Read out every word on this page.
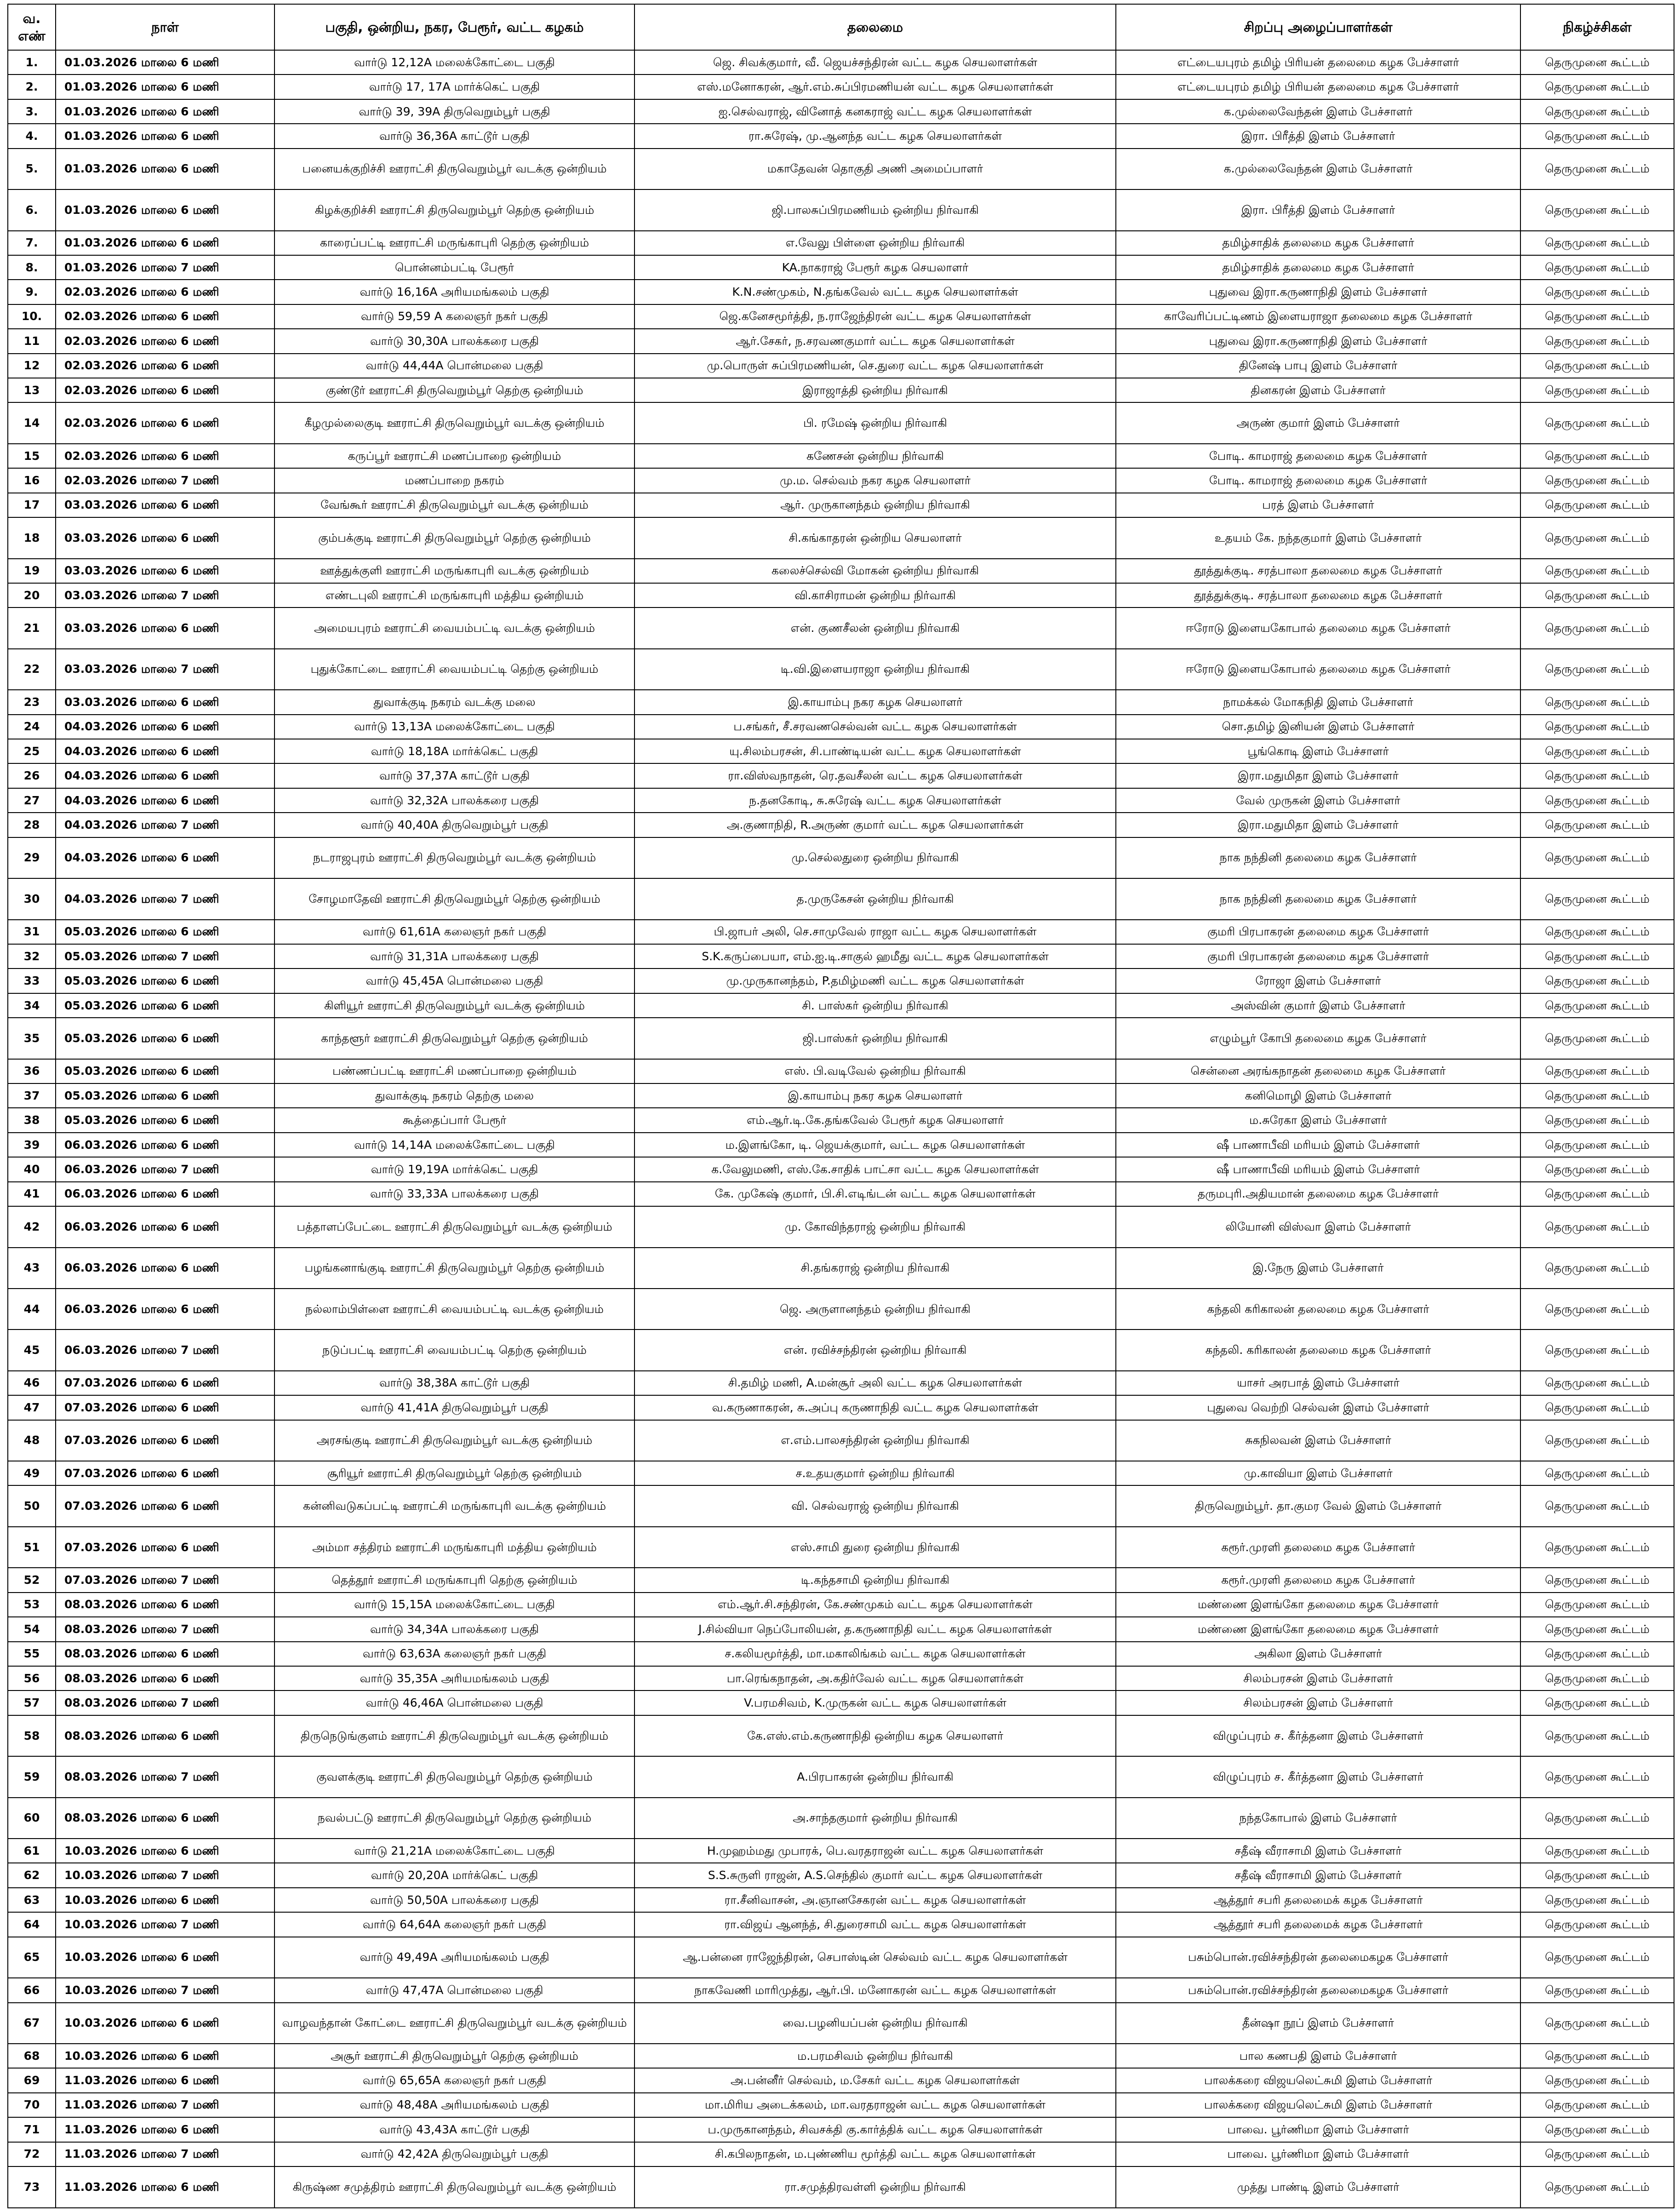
வ. எண்	நாள்	பகுதி, ஒன்றிய, நகர, பேரூர், வட்ட கழகம்	தலைமை	சிறப்பு அழைப்பாளர்கள்	நிகழ்ச்சிகள்
1.	01.03.2026 மாலை 6 மணி	வார்டு 12,12A மலைக்கோட்டை பகுதி	ஜெ. சிவக்குமார், வீ. ஜெயச்சந்திரன் வட்ட கழக செயலாளர்கள்	எட்டையபுரம் தமிழ் பிரியன் தலைமை கழக பேச்சாளர்	தெருமுனை கூட்டம்
2.	01.03.2026 மாலை 6 மணி	வார்டு 17, 17A மார்க்கெட் பகுதி	எஸ்.மனோகரன், ஆர்.எம்.சுப்பிரமணியன் வட்ட கழக செயலாளர்கள்	எட்டையபுரம் தமிழ் பிரியன் தலைமை கழக பேச்சாளர்	தெருமுனை கூட்டம்
3.	01.03.2026 மாலை 6 மணி	வார்டு 39, 39A திருவெறும்பூர் பகுதி	ஐ.செல்வராஜ், வினோத் கனகராஜ் வட்ட கழக செயலாளர்கள்	க.முல்லைவேந்தன் இளம் பேச்சாளர்	தெருமுனை கூட்டம்
4.	01.03.2026 மாலை 6 மணி	வார்டு 36,36A காட்டூர் பகுதி	ரா.சுரேஷ், மு.ஆனந்த வட்ட கழக செயலாளர்கள்	இரா. பிரீத்தி இளம் பேச்சாளர்	தெருமுனை கூட்டம்
5.	01.03.2026 மாலை 6 மணி	பனையக்குறிச்சி ஊராட்சி திருவெறும்பூர் வடக்கு ஒன்றியம்	மகாதேவன் தொகுதி அணி அமைப்பாளர்	க.முல்லைவேந்தன் இளம் பேச்சாளர்	தெருமுனை கூட்டம்
6.	01.03.2026 மாலை 6 மணி	கிழக்குறிச்சி ஊராட்சி திருவெறும்பூர் தெற்கு ஒன்றியம்	ஜி.பாலசுப்பிரமணியம் ஒன்றிய நிர்வாகி	இரா. பிரீத்தி இளம் பேச்சாளர்	தெருமுனை கூட்டம்
7.	01.03.2026 மாலை 6 மணி	காரைப்பட்டி ஊராட்சி மருங்காபுரி தெற்கு ஒன்றியம்	எ.வேலு பிள்ளை ஒன்றிய நிர்வாகி	தமிழ்சாதிக் தலைமை கழக பேச்சாளர்	தெருமுனை கூட்டம்
8.	01.03.2026 மாலை 7 மணி	பொன்னம்பட்டி பேரூர்	KA.நாகராஜ் பேரூர் கழக செயலாளர்	தமிழ்சாதிக் தலைமை கழக பேச்சாளர்	தெருமுனை கூட்டம்
9.	02.03.2026 மாலை 6 மணி	வார்டு 16,16A அரியமங்கலம் பகுதி	K.N.சண்முகம், N.தங்கவேல் வட்ட கழக செயலாளர்கள்	புதுவை இரா.கருணாநிதி இளம் பேச்சாளர்	தெருமுனை கூட்டம்
10.	02.03.2026 மாலை 6 மணி	வார்டு 59,59 A கலைஞர் நகர் பகுதி	ஜெ.கனேசமூர்த்தி, ந.ராஜேந்திரன் வட்ட கழக செயலாளர்கள்	காவேரிப்பட்டிணம் இளையராஜா தலைமை கழக பேச்சாளர்	தெருமுனை கூட்டம்
11	02.03.2026 மாலை 6 மணி	வார்டு 30,30A பாலக்கரை பகுதி	ஆர்.சேகர், ந.சரவணகுமார் வட்ட கழக செயலாளர்கள்	புதுவை இரா.கருணாநிதி இளம் பேச்சாளர்	தெருமுனை கூட்டம்
12	02.03.2026 மாலை 6 மணி	வார்டு 44,44A பொன்மலை பகுதி	மு.பொருள் சுப்பிரமணியன், செ.துரை வட்ட கழக செயலாளர்கள்	தினேஷ் பாபு இளம் பேச்சாளர்	தெருமுனை கூட்டம்
13	02.03.2026 மாலை 6 மணி	குண்டூர் ஊராட்சி திருவெறும்பூர் தெற்கு ஒன்றியம்	இராஜாத்தி ஒன்றிய நிர்வாகி	தினகரன் இளம் பேச்சாளர்	தெருமுனை கூட்டம்
14	02.03.2026 மாலை 6 மணி	கீழமுல்லைகுடி ஊராட்சி திருவெறும்பூர் வடக்கு ஒன்றியம்	பி. ரமேஷ் ஒன்றிய நிர்வாகி	அருண் குமார் இளம் பேச்சாளர்	தெருமுனை கூட்டம்
15	02.03.2026 மாலை 6 மணி	கருப்பூர் ஊராட்சி மணப்பாறை ஒன்றியம்	கணேசன் ஒன்றிய நிர்வாகி	போடி. காமராஜ் தலைமை கழக பேச்சாளர்	தெருமுனை கூட்டம்
16	02.03.2026 மாலை 7 மணி	மணப்பாறை நகரம்	மு.ம. செல்வம் நகர கழக செயலாளர்	போடி. காமராஜ் தலைமை கழக பேச்சாளர்	தெருமுனை கூட்டம்
17	03.03.2026 மாலை 6 மணி	வேங்கூர் ஊராட்சி திருவெறும்பூர் வடக்கு ஒன்றியம்	ஆர். முருகானந்தம் ஒன்றிய நிர்வாகி	பரத் இளம் பேச்சாளர்	தெருமுனை கூட்டம்
18	03.03.2026 மாலை 6 மணி	கும்பக்குடி ஊராட்சி திருவெறும்பூர் தெற்கு ஒன்றியம்	சி.கங்காதரன் ஒன்றிய செயலாளர்	உதயம் கே. நந்தகுமார் இளம் பேச்சாளர்	தெருமுனை கூட்டம்
19	03.03.2026 மாலை 6 மணி	ஊத்துக்குளி ஊராட்சி மருங்காபுரி வடக்கு ஒன்றியம்	கலைச்செல்வி மோகன் ஒன்றிய நிர்வாகி	தூத்துக்குடி. சரத்பாலா தலைமை கழக பேச்சாளர்	தெருமுனை கூட்டம்
20	03.03.2026 மாலை 7 மணி	எண்டபுலி ஊராட்சி மருங்காபுரி மத்திய ஒன்றியம்	வி.காசிராமன் ஒன்றிய நிர்வாகி	தூத்துக்குடி. சரத்பாலா தலைமை கழக பேச்சாளர்	தெருமுனை கூட்டம்
21	03.03.2026 மாலை 6 மணி	அமையபுரம் ஊராட்சி வையம்பட்டி வடக்கு ஒன்றியம்	என். குணசீலன் ஒன்றிய நிர்வாகி	ஈரோடு இளையகோபால் தலைமை கழக பேச்சாளர்	தெருமுனை கூட்டம்
22	03.03.2026 மாலை 7 மணி	புதுக்கோட்டை ஊராட்சி வையம்பட்டி தெற்கு ஒன்றியம்	டி.வி.இளையராஜா ஒன்றிய நிர்வாகி	ஈரோடு இளையகோபால் தலைமை கழக பேச்சாளர்	தெருமுனை கூட்டம்
23	03.03.2026 மாலை 6 மணி	துவாக்குடி நகரம் வடக்கு மலை	இ.காயாம்பு நகர கழக செயலாளர்	நாமக்கல் மோகநிதி இளம் பேச்சாளர்	தெருமுனை கூட்டம்
24	04.03.2026 மாலை 6 மணி	வார்டு 13,13A மலைக்கோட்டை பகுதி	ப.சங்கர், சீ.சரவணசெல்வன் வட்ட கழக செயலாளர்கள்	சொ.தமிழ் இனியன் இளம் பேச்சாளர்	தெருமுனை கூட்டம்
25	04.03.2026 மாலை 6 மணி	வார்டு 18,18A மார்க்கெட் பகுதி	யு.சிலம்பரசன், சி.பாண்டியன் வட்ட கழக செயலாளர்கள்	பூங்கொடி இளம் பேச்சாளர்	தெருமுனை கூட்டம்
26	04.03.2026 மாலை 6 மணி	வார்டு 37,37A காட்டூர் பகுதி	ரா.விஸ்வநாதன், ரெ.தவசீலன் வட்ட கழக செயலாளர்கள்	இரா.மதுமிதா இளம் பேச்சாளர்	தெருமுனை கூட்டம்
27	04.03.2026 மாலை 6 மணி	வார்டு 32,32A பாலக்கரை பகுதி	ந.தனகோடி, சு.சுரேஷ் வட்ட கழக செயலாளர்கள்	வேல் முருகன் இளம் பேச்சாளர்	தெருமுனை கூட்டம்
28	04.03.2026 மாலை 7 மணி	வார்டு 40,40A திருவெறும்பூர் பகுதி	அ.குணாநிதி, R.அருண் குமார் வட்ட கழக செயலாளர்கள்	இரா.மதுமிதா இளம் பேச்சாளர்	தெருமுனை கூட்டம்
29	04.03.2026 மாலை 6 மணி	நடராஜபுரம் ஊராட்சி திருவெறும்பூர் வடக்கு ஒன்றியம்	மு.செல்லதுரை ஒன்றிய நிர்வாகி	நாக நந்தினி தலைமை கழக பேச்சாளர்	தெருமுனை கூட்டம்
30	04.03.2026 மாலை 7 மணி	சோழமாதேவி ஊராட்சி திருவெறும்பூர் தெற்கு ஒன்றியம்	த.முருகேசன் ஒன்றிய நிர்வாகி	நாக நந்தினி தலைமை கழக பேச்சாளர்	தெருமுனை கூட்டம்
31	05.03.2026 மாலை 6 மணி	வார்டு 61,61A கலைஞர் நகர் பகுதி	பி.ஜாபர் அலி, செ.சாமுவேல் ராஜா வட்ட கழக செயலாளர்கள்	குமரி பிரபாகரன் தலைமை கழக பேச்சாளர்	தெருமுனை கூட்டம்
32	05.03.2026 மாலை 7 மணி	வார்டு 31,31A பாலக்கரை பகுதி	S.K.கருப்பையா, எம்.ஐ.டி.சாகுல் ஹமீது வட்ட கழக செயலாளர்கள்	குமரி பிரபாகரன் தலைமை கழக பேச்சாளர்	தெருமுனை கூட்டம்
33	05.03.2026 மாலை 6 மணி	வார்டு 45,45A பொன்மலை பகுதி	மு.முருகானந்தம், P.தமிழ்மணி வட்ட கழக செயலாளர்கள்	ரோஜா இளம் பேச்சாளர்	தெருமுனை கூட்டம்
34	05.03.2026 மாலை 6 மணி	கிளியூர் ஊராட்சி திருவெறும்பூர் வடக்கு ஒன்றியம்	சி. பாஸ்கர் ஒன்றிய நிர்வாகி	அஸ்வின் குமார் இளம் பேச்சாளர்	தெருமுனை கூட்டம்
35	05.03.2026 மாலை 6 மணி	காந்தளூர் ஊராட்சி திருவெறும்பூர் தெற்கு ஒன்றியம்	ஜி.பாஸ்கர் ஒன்றிய நிர்வாகி	எழும்பூர் கோபி தலைமை கழக பேச்சாளர்	தெருமுனை கூட்டம்
36	05.03.2026 மாலை 6 மணி	பண்ணப்பட்டி ஊராட்சி மணப்பாறை ஒன்றியம்	எஸ். பி.வடிவேல் ஒன்றிய நிர்வாகி	சென்னை அரங்கநாதன் தலைமை கழக பேச்சாளர்	தெருமுனை கூட்டம்
37	05.03.2026 மாலை 6 மணி	துவாக்குடி நகரம் தெற்கு மலை	இ.காயாம்பு நகர கழக செயலாளர்	கனிமொழி இளம் பேச்சாளர்	தெருமுனை கூட்டம்
38	05.03.2026 மாலை 6 மணி	கூத்தைப்பார் பேரூர்	எம்.ஆர்.டி.கே.தங்கவேல் பேரூர் கழக செயலாளர்	ம.சுரேகா இளம் பேச்சாளர்	தெருமுனை கூட்டம்
39	06.03.2026 மாலை 6 மணி	வார்டு 14,14A மலைக்கோட்டை பகுதி	ம.இளங்கோ, டி. ஜெயக்குமார், வட்ட கழக செயலாளர்கள்	ஷீ பாணாபீவி மரியம் இளம் பேச்சாளர்	தெருமுனை கூட்டம்
40	06.03.2026 மாலை 7 மணி	வார்டு 19,19A மார்க்கெட் பகுதி	க.வேலுமணி, எஸ்.கே.சாதிக் பாட்சா வட்ட கழக செயலாளர்கள்	ஷீ பாணாபீவி மரியம் இளம் பேச்சாளர்	தெருமுனை கூட்டம்
41	06.03.2026 மாலை 6 மணி	வார்டு 33,33A பாலக்கரை பகுதி	கே. முகேஷ் குமார், பி.சி.எடிங்டன் வட்ட கழக செயலாளர்கள்	தருமபுரி.அதியமான் தலைமை கழக பேச்சாளர்	தெருமுனை கூட்டம்
42	06.03.2026 மாலை 6 மணி	பத்தாளப்பேட்டை ஊராட்சி திருவெறும்பூர் வடக்கு ஒன்றியம்	மு. கோவிந்தராஜ் ஒன்றிய நிர்வாகி	லியோனி விஸ்வா இளம் பேச்சாளர்	தெருமுனை கூட்டம்
43	06.03.2026 மாலை 6 மணி	பழங்கனாங்குடி ஊராட்சி திருவெறும்பூர் தெற்கு ஒன்றியம்	சி.தங்கராஜ் ஒன்றிய நிர்வாகி	இ.நேரு இளம் பேச்சாளர்	தெருமுனை கூட்டம்
44	06.03.2026 மாலை 6 மணி	நல்லாம்பிள்ளை ஊராட்சி வையம்பட்டி வடக்கு ஒன்றியம்	ஜெ. அருளானந்தம் ஒன்றிய நிர்வாகி	கந்தலி கரிகாலன் தலைமை கழக பேச்சாளர்	தெருமுனை கூட்டம்
45	06.03.2026 மாலை 7 மணி	நடுப்பட்டி ஊராட்சி வையம்பட்டி தெற்கு ஒன்றியம்	என். ரவிச்சந்திரன் ஒன்றிய நிர்வாகி	கந்தலி. கரிகாலன் தலைமை கழக பேச்சாளர்	தெருமுனை கூட்டம்
46	07.03.2026 மாலை 6 மணி	வார்டு 38,38A காட்டூர் பகுதி	சி.தமிழ் மணி, A.மன்சூர் அலி வட்ட கழக செயலாளர்கள்	யாசர் அரபாத் இளம் பேச்சாளர்	தெருமுனை கூட்டம்
47	07.03.2026 மாலை 6 மணி	வார்டு 41,41A திருவெறும்பூர் பகுதி	வ.கருணாகரன், சு.அப்பு கருணாநிதி வட்ட கழக செயலாளர்கள்	புதுவை வெற்றி செல்வன் இளம் பேச்சாளர்	தெருமுனை கூட்டம்
48	07.03.2026 மாலை 6 மணி	அரசங்குடி ஊராட்சி திருவெறும்பூர் வடக்கு ஒன்றியம்	எ.எம்.பாலசந்திரன் ஒன்றிய நிர்வாகி	சுகநிலவன் இளம் பேச்சாளர்	தெருமுனை கூட்டம்
49	07.03.2026 மாலை 6 மணி	சூரியூர் ஊராட்சி திருவெறும்பூர் தெற்கு ஒன்றியம்	ச.உதயகுமார் ஒன்றிய நிர்வாகி	மு.காவியா இளம் பேச்சாளர்	தெருமுனை கூட்டம்
50	07.03.2026 மாலை 6 மணி	கன்னிவடுகப்பட்டி ஊராட்சி மருங்காபுரி வடக்கு ஒன்றியம்	வி. செல்வராஜ் ஒன்றிய நிர்வாகி	திருவெறும்பூர். தா.குமர வேல் இளம் பேச்சாளர்	தெருமுனை கூட்டம்
51	07.03.2026 மாலை 6 மணி	அம்மா சத்திரம் ஊராட்சி மருங்காபுரி மத்திய ஒன்றியம்	எஸ்.சாமி துரை ஒன்றிய நிர்வாகி	கரூர்.முரளி தலைமை கழக பேச்சாளர்	தெருமுனை கூட்டம்
52	07.03.2026 மாலை 7 மணி	தெத்தூர் ஊராட்சி மருங்காபுரி தெற்கு ஒன்றியம்	டி.கந்தசாமி ஒன்றிய நிர்வாகி	கரூர்.முரளி தலைமை கழக பேச்சாளர்	தெருமுனை கூட்டம்
53	08.03.2026 மாலை 6 மணி	வார்டு 15,15A மலைக்கோட்டை பகுதி	எம்.ஆர்.சி.சந்திரன், கே.சண்முகம் வட்ட கழக செயலாளர்கள்	மண்ணை இளங்கோ தலைமை கழக பேச்சாளர்	தெருமுனை கூட்டம்
54	08.03.2026 மாலை 7 மணி	வார்டு 34,34A பாலக்கரை பகுதி	J.சில்வியா நெப்போலியன், த.கருணாநிதி வட்ட கழக செயலாளர்கள்	மண்ணை இளங்கோ தலைமை கழக பேச்சாளர்	தெருமுனை கூட்டம்
55	08.03.2026 மாலை 6 மணி	வார்டு 63,63A கலைஞர் நகர் பகுதி	ச.கலியமூர்த்தி, மா.மகாலிங்கம் வட்ட கழக செயலாளர்கள்	அகிலா இளம் பேச்சாளர்	தெருமுனை கூட்டம்
56	08.03.2026 மாலை 6 மணி	வார்டு 35,35A அரியமங்கலம் பகுதி	பா.ரெங்கநாதன், அ.கதிர்வேல் வட்ட கழக செயலாளர்கள்	சிலம்பரசன் இளம் பேச்சாளர்	தெருமுனை கூட்டம்
57	08.03.2026 மாலை 7 மணி	வார்டு 46,46A பொன்மலை பகுதி	V.பரமசிவம், K.முருகன் வட்ட கழக செயலாளர்கள்	சிலம்பரசன் இளம் பேச்சாளர்	தெருமுனை கூட்டம்
58	08.03.2026 மாலை 6 மணி	திருநெடுங்குளம் ஊராட்சி திருவெறும்பூர் வடக்கு ஒன்றியம்	கே.எஸ்.எம்.கருணாநிதி ஒன்றிய கழக செயலாளர்	விழுப்புரம் ச. கீர்த்தனா இளம் பேச்சாளர்	தெருமுனை கூட்டம்
59	08.03.2026 மாலை 7 மணி	குவளக்குடி ஊராட்சி திருவெறும்பூர் தெற்கு ஒன்றியம்	A.பிரபாகரன் ஒன்றிய நிர்வாகி	விழுப்புரம் ச. கீர்த்தனா இளம் பேச்சாளர்	தெருமுனை கூட்டம்
60	08.03.2026 மாலை 6 மணி	நவல்பட்டு ஊராட்சி திருவெறும்பூர் தெற்கு ஒன்றியம்	அ.சாந்தகுமார் ஒன்றிய நிர்வாகி	நந்தகோபால் இளம் பேச்சாளர்	தெருமுனை கூட்டம்
61	10.03.2026 மாலை 6 மணி	வார்டு 21,21A மலைக்கோட்டை பகுதி	H.முஹம்மது முபாரக், பெ.வரதராஜன் வட்ட கழக செயலாளர்கள்	சதீஷ் வீராசாமி இளம் பேச்சாளர்	தெருமுனை கூட்டம்
62	10.03.2026 மாலை 7 மணி	வார்டு 20,20A மார்க்கெட் பகுதி	S.S.சுருளி ராஜன், A.S.செந்தில் குமார் வட்ட கழக செயலாளர்கள்	சதீஷ் வீராசாமி இளம் பேச்சாளர்	தெருமுனை கூட்டம்
63	10.03.2026 மாலை 6 மணி	வார்டு 50,50A பாலக்கரை பகுதி	ரா.சீனிவாசன், அ.ஞானசேகரன் வட்ட கழக செயலாளர்கள்	ஆத்தூர் சபரி தலைமைக் கழக பேச்சாளர்	தெருமுனை கூட்டம்
64	10.03.2026 மாலை 7 மணி	வார்டு 64,64A கலைஞர் நகர் பகுதி	ரா.விஜய் ஆனந்த், சி.துரைசாமி வட்ட கழக செயலாளர்கள்	ஆத்தூர் சபரி தலைமைக் கழக பேச்சாளர்	தெருமுனை கூட்டம்
65	10.03.2026 மாலை 6 மணி	வார்டு 49,49A அரியமங்கலம் பகுதி	ஆ.பன்னை ராஜேந்திரன், செபாஸ்டின் செல்வம் வட்ட கழக செயலாளர்கள்	பசும்பொன்.ரவிச்சந்திரன் தலைமைகழக பேச்சாளர்	தெருமுனை கூட்டம்
66	10.03.2026 மாலை 7 மணி	வார்டு 47,47A பொன்மலை பகுதி	நாகவேணி மாரிமுத்து, ஆர்.பி. மனோகரன் வட்ட கழக செயலாளர்கள்	பசும்பொன்.ரவிச்சந்திரன் தலைமைகழக பேச்சாளர்	தெருமுனை கூட்டம்
67	10.03.2026 மாலை 6 மணி	வாழவந்தான் கோட்டை ஊராட்சி திருவெறும்பூர் வடக்கு ஒன்றியம்	வை.பழனியப்பன் ஒன்றிய நிர்வாகி	தீன்ஷா நூப் இளம் பேச்சாளர்	தெருமுனை கூட்டம்
68	10.03.2026 மாலை 6 மணி	அசூர் ஊராட்சி திருவெறும்பூர் தெற்கு ஒன்றியம்	ம.பரமசிவம் ஒன்றிய நிர்வாகி	பால கணபதி இளம் பேச்சாளர்	தெருமுனை கூட்டம்
69	11.03.2026 மாலை 6 மணி	வார்டு 65,65A கலைஞர் நகர் பகுதி	அ.பன்னீர் செல்வம், ம.சேகர் வட்ட கழக செயலாளர்கள்	பாலக்கரை விஜயலெட்சுமி இளம் பேச்சாளர்	தெருமுனை கூட்டம்
70	11.03.2026 மாலை 7 மணி	வார்டு 48,48A அரியமங்கலம் பகுதி	மா.மிரிய அடைக்கலம், மா.வரதராஜன் வட்ட கழக செயலாளர்கள்	பாலக்கரை விஜயலெட்சுமி இளம் பேச்சாளர்	தெருமுனை கூட்டம்
71	11.03.2026 மாலை 6 மணி	வார்டு 43,43A காட்டூர் பகுதி	ப.முருகானந்தம், சிவசக்தி கு.கார்த்திக் வட்ட கழக செயலாளர்கள்	பாவை. பூர்ணிமா இளம் பேச்சாளர்	தெருமுனை கூட்டம்
72	11.03.2026 மாலை 7 மணி	வார்டு 42,42A திருவெறும்பூர் பகுதி	சி.கபிலநாதன், ம.புண்ணிய மூர்த்தி வட்ட கழக செயலாளர்கள்	பாவை. பூர்ணிமா இளம் பேச்சாளர்	தெருமுனை கூட்டம்
73	11.03.2026 மாலை 6 மணி	கிருஷ்ண சமுத்திரம் ஊராட்சி திருவெறும்பூர் வடக்கு ஒன்றியம்	ரா.சமுத்திரவள்ளி ஒன்றிய நிர்வாகி	முத்து பாண்டி இளம் பேச்சாளர்	தெருமுனை கூட்டம்
